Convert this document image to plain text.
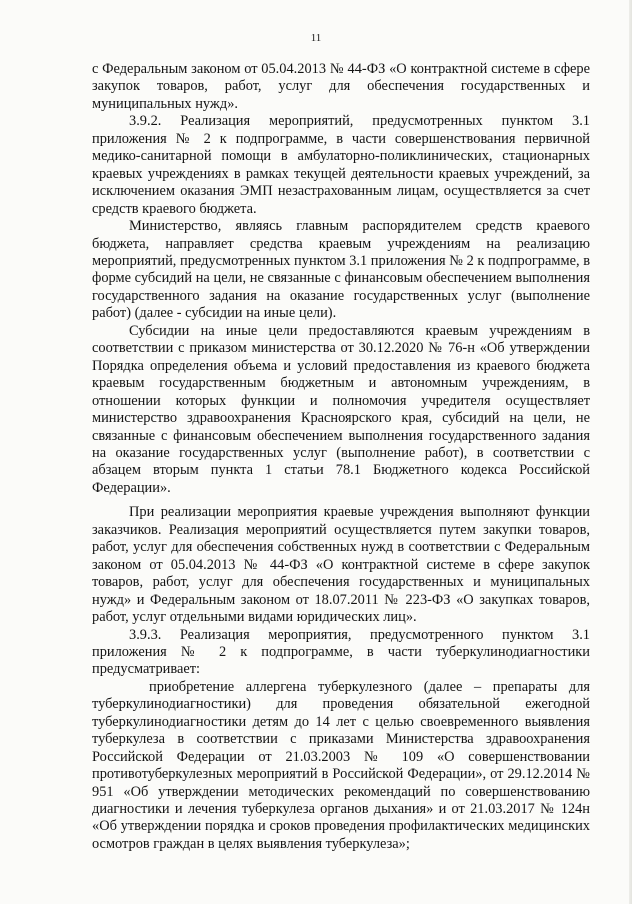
11

с Федеральным законом от 05.04.2013 № 44-ФЗ «О контрактной системе в сфере закупок товаров, работ, услуг для обеспечения государственных и муниципальных нужд».

3.9.2. Реализация мероприятий, предусмотренных пунктом 3.1 приложения № 2 к подпрограмме, в части совершенствования первичной медико-санитарной помощи в амбулаторно-поликлинических, стационарных краевых учреждениях в рамках текущей деятельности краевых учреждений, за исключением оказания ЭМП незастрахованным лицам, осуществляется за счет средств краевого бюджета.

Министерство, являясь главным распорядителем средств краевого бюджета, направляет средства краевым учреждениям на реализацию мероприятий, предусмотренных пунктом 3.1 приложения № 2 к подпрограмме, в форме субсидий на цели, не связанные с финансовым обеспечением выполнения государственного задания на оказание государственных услуг (выполнение работ) (далее - субсидии на иные цели).

Субсидии на иные цели предоставляются краевым учреждениям в соответствии с приказом министерства от 30.12.2020 № 76-н «Об утверждении Порядка определения объема и условий предоставления из краевого бюджета краевым государственным бюджетным и автономным учреждениям, в отношении которых функции и полномочия учредителя осуществляет министерство здравоохранения Красноярского края, субсидий на цели, не связанные с финансовым обеспечением выполнения государственного задания на оказание государственных услуг (выполнение работ), в соответствии с абзацем вторым пункта 1 статьи 78.1 Бюджетного кодекса Российской Федерации».

При реализации мероприятия краевые учреждения выполняют функции заказчиков. Реализация мероприятий осуществляется путем закупки товаров, работ, услуг для обеспечения собственных нужд в соответствии с Федеральным законом от 05.04.2013 № 44-ФЗ «О контрактной системе в сфере закупок товаров, работ, услуг для обеспечения государственных и муниципальных нужд» и Федеральным законом от 18.07.2011 № 223-ФЗ «О закупках товаров, работ, услуг отдельными видами юридических лиц».

3.9.3. Реализация мероприятия, предусмотренного пунктом 3.1 приложения № 2 к подпрограмме, в части туберкулинодиагностики предусматривает:

приобретение аллергена туберкулезного (далее – препараты для туберкулинодиагностики) для проведения обязательной ежегодной туберкулинодиагностики детям до 14 лет с целью своевременного выявления туберкулеза в соответствии с приказами Министерства здравоохранения Российской Федерации от 21.03.2003 № 109 «О совершенствовании противотуберкулезных мероприятий в Российской Федерации», от 29.12.2014 № 951 «Об утверждении методических рекомендаций по совершенствованию диагностики и лечения туберкулеза органов дыхания» и от 21.03.2017 № 124н «Об утверждении порядка и сроков проведения профилактических медицинских осмотров граждан в целях выявления туберкулеза»;
